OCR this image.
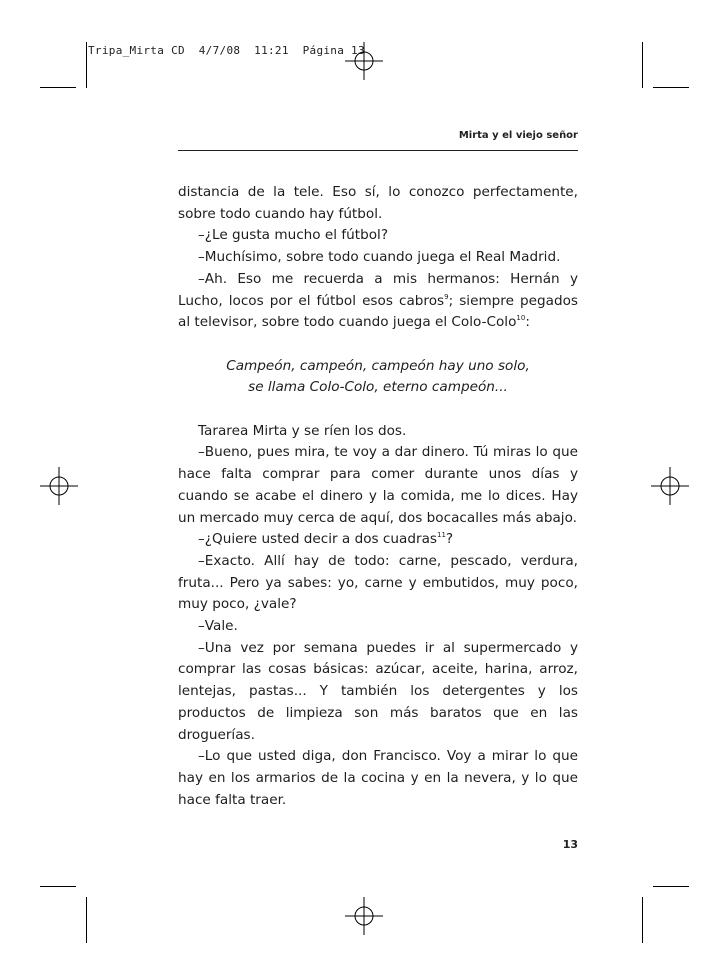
Tripa_Mirta CD  4/7/08  11:21  Página 13
Mirta y el viejo señor

distancia de la tele. Eso sí, lo conozco perfectamente, sobre todo cuando hay fútbol.

–¿Le gusta mucho el fútbol?

–Muchísimo, sobre todo cuando juega el Real Madrid.

–Ah. Eso me recuerda a mis hermanos: Hernán y Lucho, locos por el fútbol esos cabros$^9$; siempre pegados al televisor, sobre todo cuando juega el Colo-Colo$^{10}$:

Campeón, campeón, campeón hay uno solo,
se llama Colo-Colo, eterno campeón...

Tararea Mirta y se ríen los dos.

–Bueno, pues mira, te voy a dar dinero. Tú miras lo que hace falta comprar para comer durante unos días y cuando se acabe el dinero y la comida, me lo dices. Hay un mercado muy cerca de aquí, dos bocacalles más abajo.

–¿Quiere usted decir a dos cuadras$^{11}$?

–Exacto. Allí hay de todo: carne, pescado, verdura, fruta... Pero ya sabes: yo, carne y embutidos, muy poco, muy poco, ¿vale?

–Vale.

–Una vez por semana puedes ir al supermercado y comprar las cosas básicas: azúcar, aceite, harina, arroz, lentejas, pastas... Y también los detergentes y los productos de limpieza son más baratos que en las droguerías.

–Lo que usted diga, don Francisco. Voy a mirar lo que hay en los armarios de la cocina y en la nevera, y lo que hace falta traer.

13
